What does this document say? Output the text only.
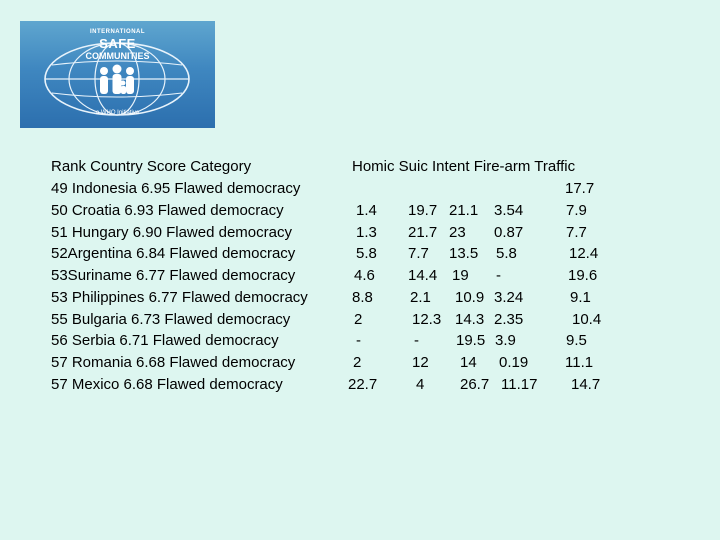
INTERNATIONAL
SAFE
COMMUNITIES
a WHO Initiative
Rank Country Score Category	Homic Suic Intent Fire-arm Traffic
49 Indonesia 6.95 Flawed democracy	17.7
50 Croatia 6.93 Flawed democracy	1.4 19.7 21.1 3.54	7.9
51 Hungary 6.90 Flawed democracy	1.3 21.7 23 0.87	7.7
52Argentina 6.84 Flawed democracy	5.8 7.7 13.5 5.8	12.4
53Suriname 6.77 Flawed democracy	4.6 14.4 19 -	19.6
53 Philippines 6.77 Flawed democracy	8.8 2.1 10.9 3.24	9.1
55 Bulgaria 6.73 Flawed democracy	2	12.3 14.3 2.35	10.4
56 Serbia 6.71 Flawed democracy	-	- 19.5 3.9	9.5
57 Romania 6.68 Flawed democracy	2	12 14 0.19 11.1
57 Mexico 6.68 Flawed democracy	22.7	4 26.7 11.17 14.7
